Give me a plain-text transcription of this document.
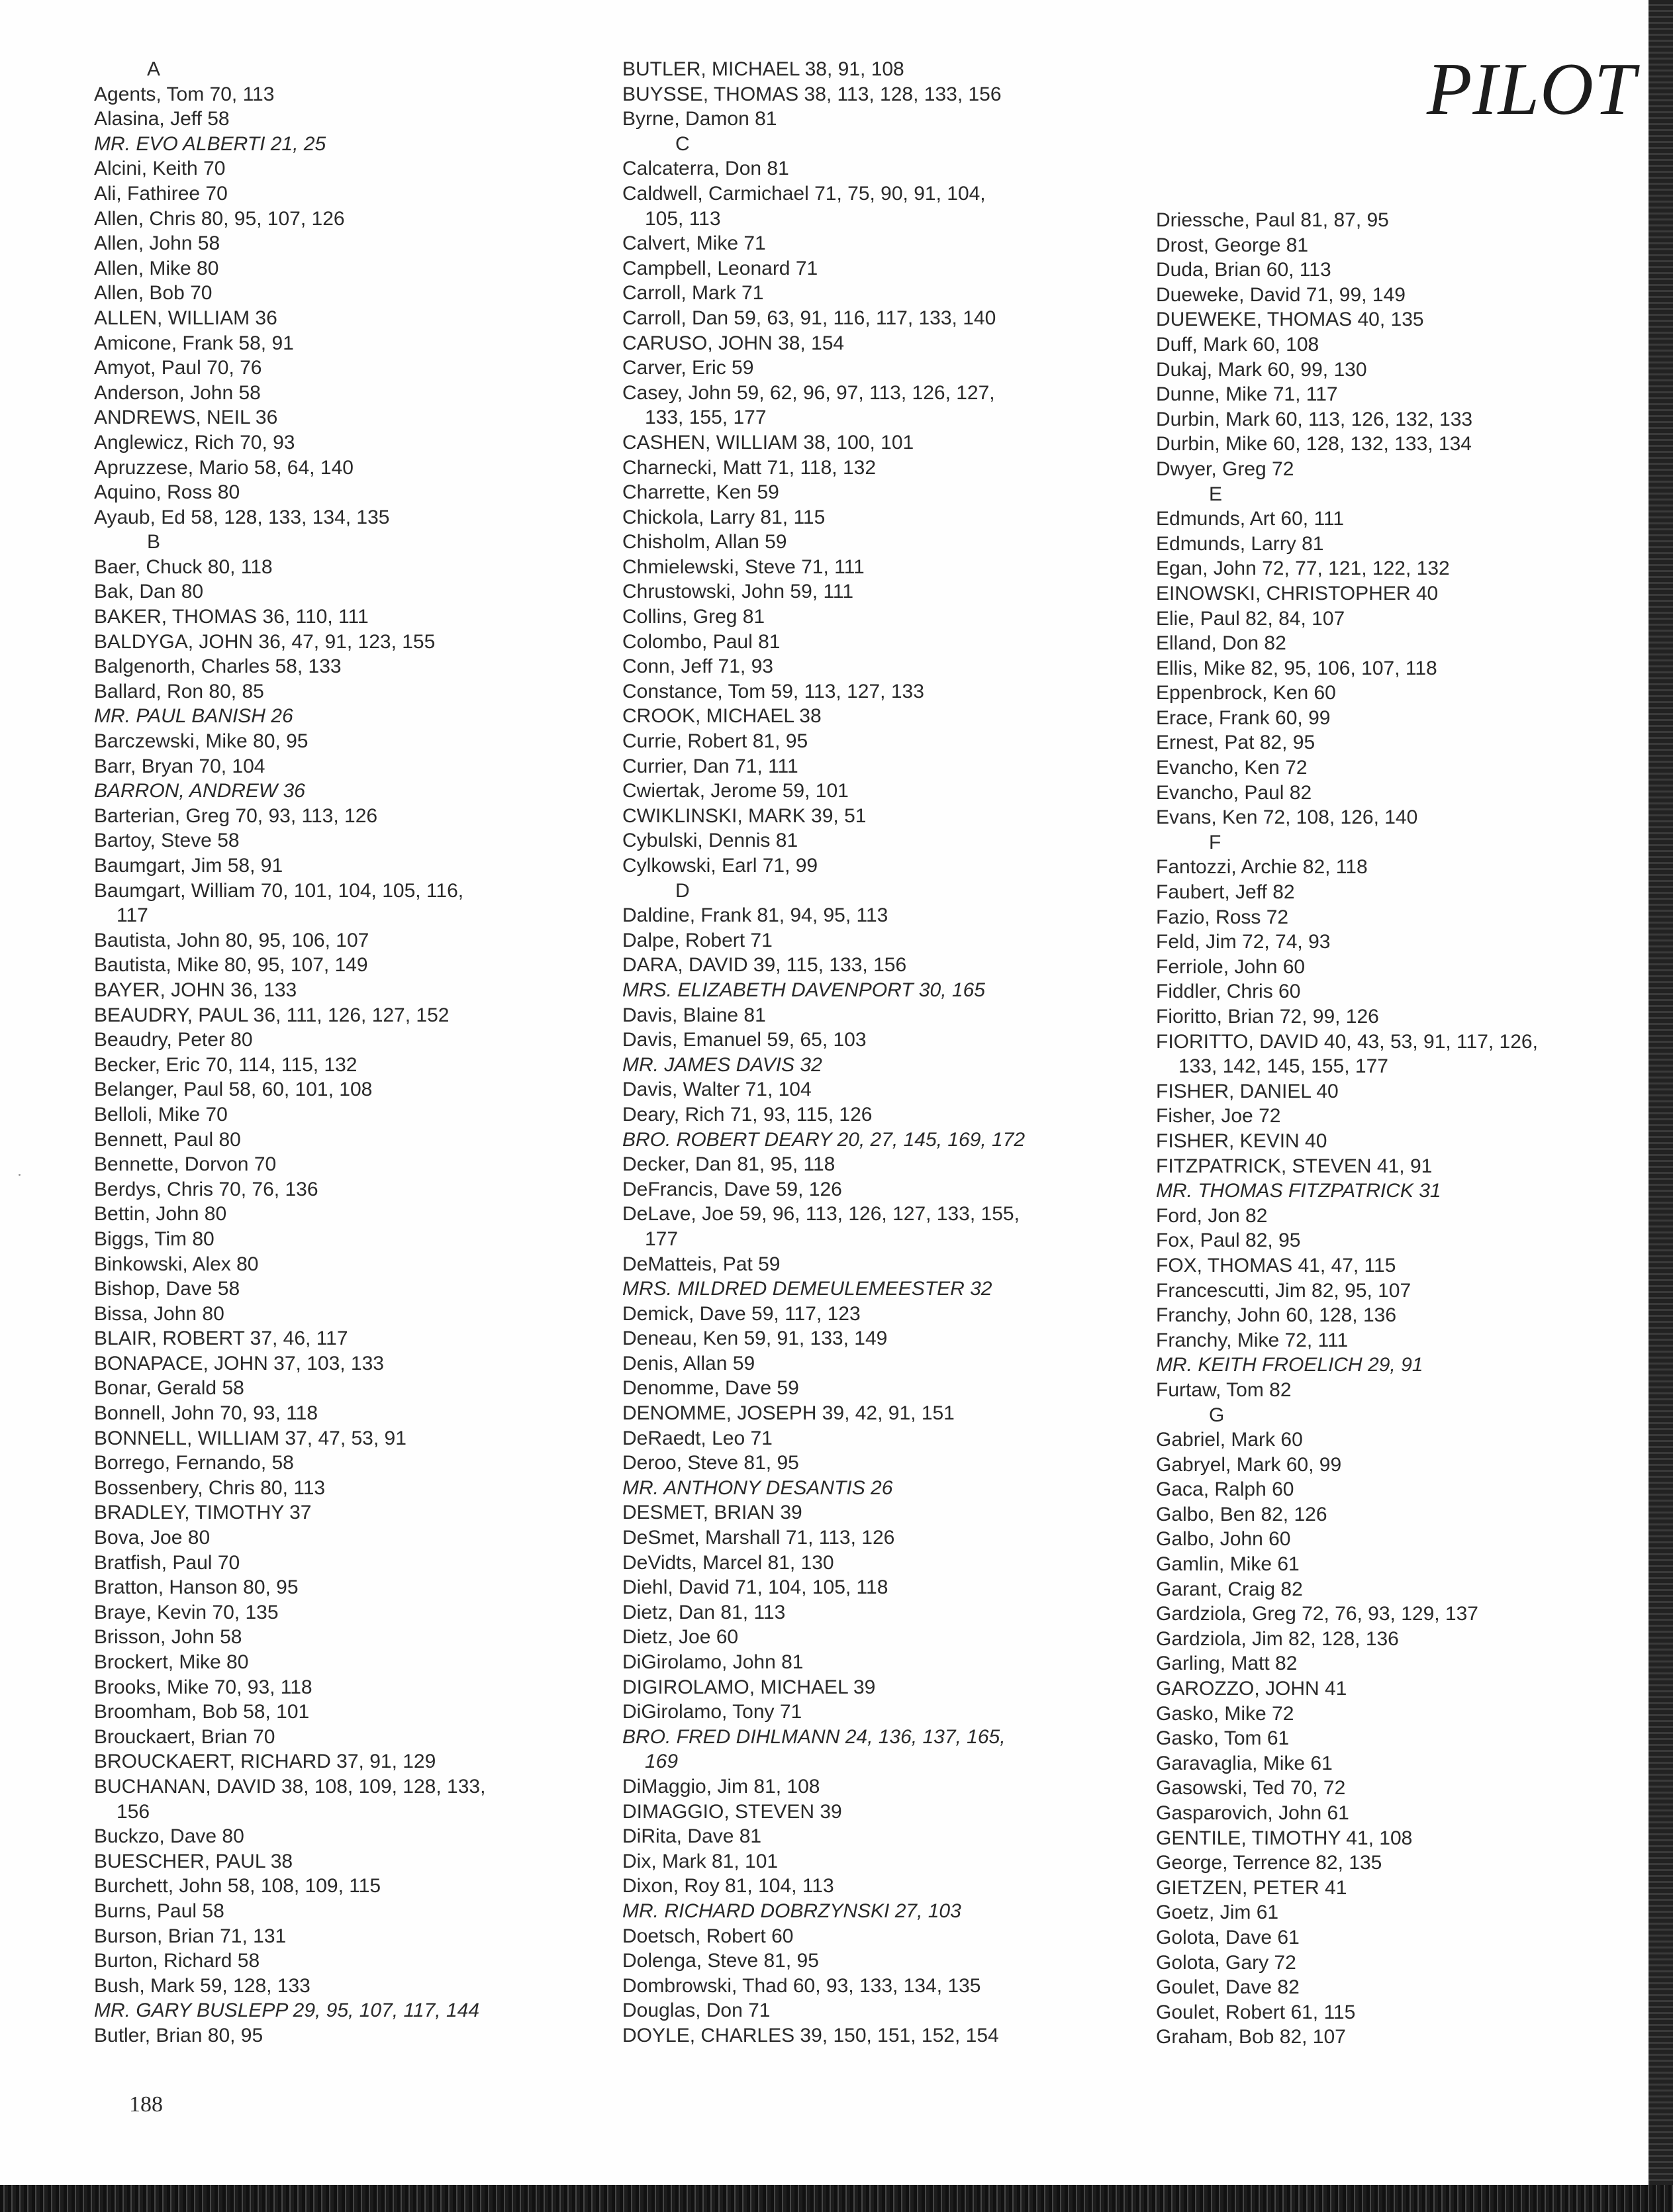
A
Agents, Tom 70, 113
Alasina, Jeff 58
MR. EVO ALBERTI 21, 25
Alcini, Keith 70
Ali, Fathiree 70
Allen, Chris 80, 95, 107, 126
Allen, John 58
Allen, Mike 80
Allen, Bob 70
ALLEN, WILLIAM 36
Amicone, Frank 58, 91
Amyot, Paul 70, 76
Anderson, John 58
ANDREWS, NEIL 36
Anglewicz, Rich 70, 93
Apruzzese, Mario 58, 64, 140
Aquino, Ross 80
Ayaub, Ed 58, 128, 133, 134, 135
B
Baer, Chuck 80, 118
Bak, Dan 80
BAKER, THOMAS 36, 110, 111
BALDYGA, JOHN 36, 47, 91, 123, 155
Balgenorth, Charles 58, 133
Ballard, Ron 80, 85
MR. PAUL BANISH 26
Barczewski, Mike 80, 95
Barr, Bryan 70, 104
BARRON, ANDREW 36
Barterian, Greg 70, 93, 113, 126
Bartoy, Steve 58
Baumgart, Jim 58, 91
Baumgart, William 70, 101, 104, 105, 116,
117
Bautista, John 80, 95, 106, 107
Bautista, Mike 80, 95, 107, 149
BAYER, JOHN 36, 133
BEAUDRY, PAUL 36, 111, 126, 127, 152
Beaudry, Peter 80
Becker, Eric 70, 114, 115, 132
Belanger, Paul 58, 60, 101, 108
Belloli, Mike 70
Bennett, Paul 80
Bennette, Dorvon 70
Berdys, Chris 70, 76, 136
Bettin, John 80
Biggs, Tim 80
Binkowski, Alex 80
Bishop, Dave 58
Bissa, John 80
BLAIR, ROBERT 37, 46, 117
BONAPACE, JOHN 37, 103, 133
Bonar, Gerald 58
Bonnell, John 70, 93, 118
BONNELL, WILLIAM 37, 47, 53, 91
Borrego, Fernando, 58
Bossenbery, Chris 80, 113
BRADLEY, TIMOTHY 37
Bova, Joe 80
Bratfish, Paul 70
Bratton, Hanson 80, 95
Braye, Kevin 70, 135
Brisson, John 58
Brockert, Mike 80
Brooks, Mike 70, 93, 118
Broomham, Bob 58, 101
Brouckaert, Brian 70
BROUCKAERT, RICHARD 37, 91, 129
BUCHANAN, DAVID 38, 108, 109, 128, 133,
156
Buckzo, Dave 80
BUESCHER, PAUL 38
Burchett, John 58, 108, 109, 115
Burns, Paul 58
Burson, Brian 71, 131
Burton, Richard 58
Bush, Mark 59, 128, 133
MR. GARY BUSLEPP 29, 95, 107, 117, 144
Butler, Brian 80, 95
BUTLER, MICHAEL 38, 91, 108
BUYSSE, THOMAS 38, 113, 128, 133, 156
Byrne, Damon 81
C
Calcaterra, Don 81
Caldwell, Carmichael 71, 75, 90, 91, 104,
105, 113
Calvert, Mike 71
Campbell, Leonard 71
Carroll, Mark 71
Carroll, Dan 59, 63, 91, 116, 117, 133, 140
CARUSO, JOHN 38, 154
Carver, Eric 59
Casey, John 59, 62, 96, 97, 113, 126, 127,
133, 155, 177
CASHEN, WILLIAM 38, 100, 101
Charnecki, Matt 71, 118, 132
Charrette, Ken 59
Chickola, Larry 81, 115
Chisholm, Allan 59
Chmielewski, Steve 71, 111
Chrustowski, John 59, 111
Collins, Greg 81
Colombo, Paul 81
Conn, Jeff 71, 93
Constance, Tom 59, 113, 127, 133
CROOK, MICHAEL 38
Currie, Robert 81, 95
Currier, Dan 71, 111
Cwiertak, Jerome 59, 101
CWIKLINSKI, MARK 39, 51
Cybulski, Dennis 81
Cylkowski, Earl 71, 99
D
Daldine, Frank 81, 94, 95, 113
Dalpe, Robert 71
DARA, DAVID 39, 115, 133, 156
MRS. ELIZABETH DAVENPORT 30, 165
Davis, Blaine 81
Davis, Emanuel 59, 65, 103
MR. JAMES DAVIS 32
Davis, Walter 71, 104
Deary, Rich 71, 93, 115, 126
BRO. ROBERT DEARY 20, 27, 145, 169, 172
Decker, Dan 81, 95, 118
DeFrancis, Dave 59, 126
DeLave, Joe 59, 96, 113, 126, 127, 133, 155,
177
DeMatteis, Pat 59
MRS. MILDRED DEMEULEMEESTER 32
Demick, Dave 59, 117, 123
Deneau, Ken 59, 91, 133, 149
Denis, Allan 59
Denomme, Dave 59
DENOMME, JOSEPH 39, 42, 91, 151
DeRaedt, Leo 71
Deroo, Steve 81, 95
MR. ANTHONY DESANTIS 26
DESMET, BRIAN 39
DeSmet, Marshall 71, 113, 126
DeVidts, Marcel 81, 130
Diehl, David 71, 104, 105, 118
Dietz, Dan 81, 113
Dietz, Joe 60
DiGirolamo, John 81
DIGIROLAMO, MICHAEL 39
DiGirolamo, Tony 71
BRO. FRED DIHLMANN 24, 136, 137, 165,
169
DiMaggio, Jim 81, 108
DIMAGGIO, STEVEN 39
DiRita, Dave 81
Dix, Mark 81, 101
Dixon, Roy 81, 104, 113
MR. RICHARD DOBRZYNSKI 27, 103
Doetsch, Robert 60
Dolenga, Steve 81, 95
Dombrowski, Thad 60, 93, 133, 134, 135
Douglas, Don 71
DOYLE, CHARLES 39, 150, 151, 152, 154
Driessche, Paul 81, 87, 95
Drost, George 81
Duda, Brian 60, 113
Dueweke, David 71, 99, 149
DUEWEKE, THOMAS 40, 135
Duff, Mark 60, 108
Dukaj, Mark 60, 99, 130
Dunne, Mike 71, 117
Durbin, Mark 60, 113, 126, 132, 133
Durbin, Mike 60, 128, 132, 133, 134
Dwyer, Greg 72
E
Edmunds, Art 60, 111
Edmunds, Larry 81
Egan, John 72, 77, 121, 122, 132
EINOWSKI, CHRISTOPHER 40
Elie, Paul 82, 84, 107
Elland, Don 82
Ellis, Mike 82, 95, 106, 107, 118
Eppenbrock, Ken 60
Erace, Frank 60, 99
Ernest, Pat 82, 95
Evancho, Ken 72
Evancho, Paul 82
Evans, Ken 72, 108, 126, 140
F
Fantozzi, Archie 82, 118
Faubert, Jeff 82
Fazio, Ross 72
Feld, Jim 72, 74, 93
Ferriole, John 60
Fiddler, Chris 60
Fioritto, Brian 72, 99, 126
FIORITTO, DAVID 40, 43, 53, 91, 117, 126,
133, 142, 145, 155, 177
FISHER, DANIEL 40
Fisher, Joe 72
FISHER, KEVIN 40
FITZPATRICK, STEVEN 41, 91
MR. THOMAS FITZPATRICK 31
Ford, Jon 82
Fox, Paul 82, 95
FOX, THOMAS 41, 47, 115
Francescutti, Jim 82, 95, 107
Franchy, John 60, 128, 136
Franchy, Mike 72, 111
MR. KEITH FROELICH 29, 91
Furtaw, Tom 82
G
Gabriel, Mark 60
Gabryel, Mark 60, 99
Gaca, Ralph 60
Galbo, Ben 82, 126
Galbo, John 60
Gamlin, Mike 61
Garant, Craig 82
Gardziola, Greg 72, 76, 93, 129, 137
Gardziola, Jim 82, 128, 136
Garling, Matt 82
GAROZZO, JOHN 41
Gasko, Mike 72
Gasko, Tom 61
Garavaglia, Mike 61
Gasowski, Ted 70, 72
Gasparovich, John 61
GENTILE, TIMOTHY 41, 108
George, Terrence 82, 135
GIETZEN, PETER 41
Goetz, Jim 61
Golota, Dave 61
Golota, Gary 72
Goulet, Dave 82
Goulet, Robert 61, 115
Graham, Bob 82, 107
PILOT
188
